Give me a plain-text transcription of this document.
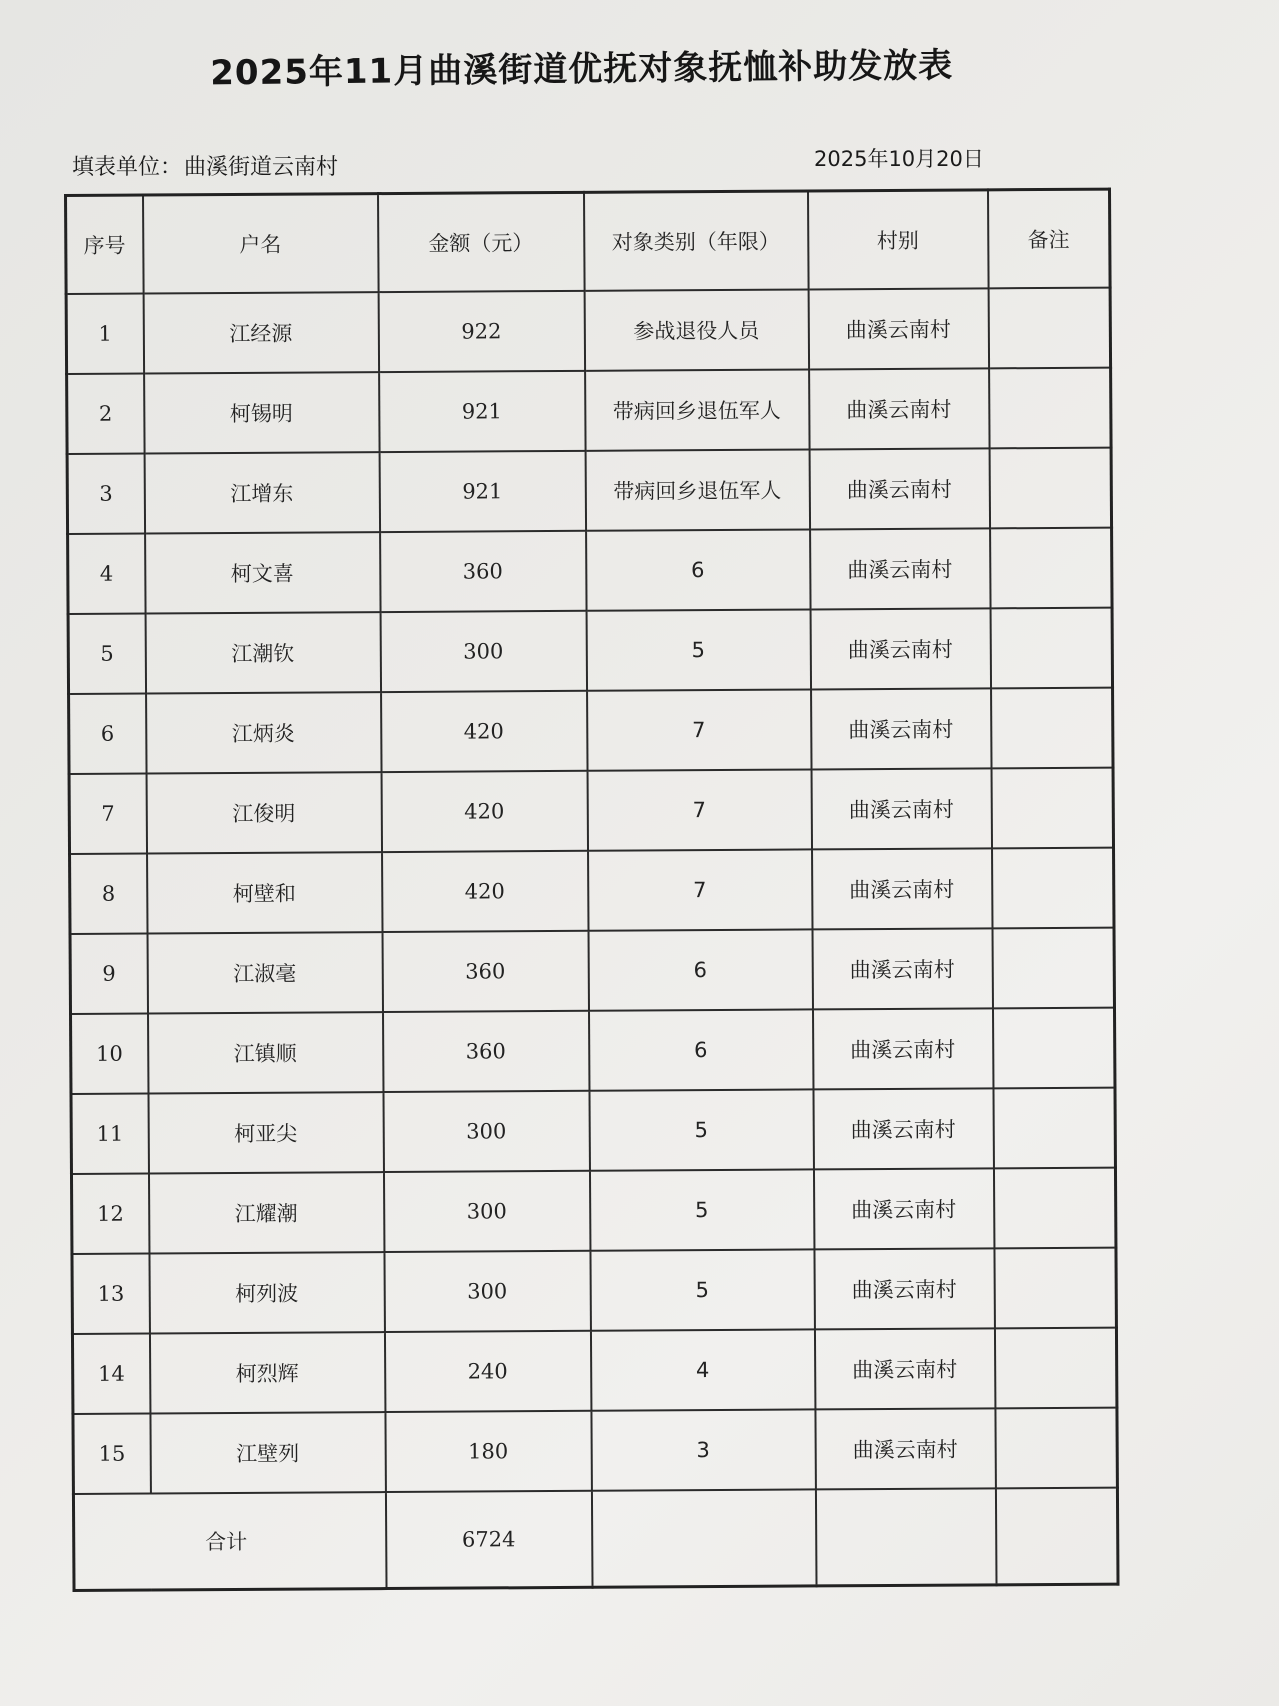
2025年11月曲溪街道优抚对象抚恤补助发放表
填表单位： 曲溪街道云南村	2025年10月20日
序号	户名	金额（元）	对象类别（年限）	村别	备注
1	江经源	922	参战退役人员	曲溪云南村	
2	柯锡明	921	带病回乡退伍军人	曲溪云南村	
3	江增东	921	带病回乡退伍军人	曲溪云南村	
4	柯文喜	360	6	曲溪云南村	
5	江潮钦	300	5	曲溪云南村	
6	江炳炎	420	7	曲溪云南村	
7	江俊明	420	7	曲溪云南村	
8	柯壁和	420	7	曲溪云南村	
9	江淑毫	360	6	曲溪云南村	
10	江镇顺	360	6	曲溪云南村	
11	柯亚尖	300	5	曲溪云南村	
12	江耀潮	300	5	曲溪云南村	
13	柯列波	300	5	曲溪云南村	
14	柯烈辉	240	4	曲溪云南村	
15	江壁列	180	3	曲溪云南村	
合计		6724			
